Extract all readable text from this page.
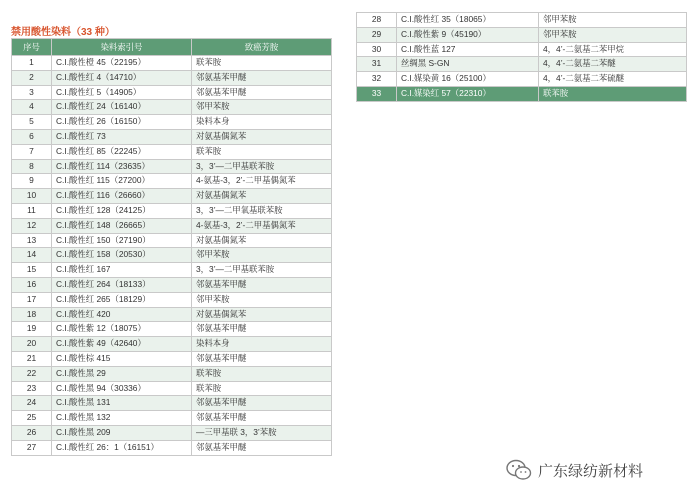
禁用酸性染料（33 种）
序号	染料索引号	致癌芳胺
1	C.I.酸性橙 45（22195）	联苯胺
2	C.I.酸性红 4（14710）	邻氨基苯甲醚
3	C.I.酸性红 5（14905）	邻氨基苯甲醚
4	C.I.酸性红 24（16140）	邻甲苯胺
5	C.I.酸性红 26（16150）	染料本身
6	C.I.酸性红 73	对氨基偶氮苯
7	C.I.酸性红 85（22245）	联苯胺
8	C.I.酸性红 114（23635）	3，3’—二甲基联苯胺
9	C.I.酸性红 115（27200）	4-氨基-3，2’-二甲基偶氮苯
10	C.I.酸性红 116（26660）	对氨基偶氮苯
11	C.I.酸性红 128（24125）	3，3’—二甲氧基联苯胺
12	C.I.酸性红 148（26665）	4-氨基-3，2’-二甲基偶氮苯
13	C.I.酸性红 150（27190）	对氨基偶氮苯
14	C.I.酸性红 158（20530）	邻甲苯胺
15	C.I.酸性红 167	3，3’—二甲基联苯胺
16	C.I.酸性红 264（18133）	邻氨基苯甲醚
17	C.I.酸性红 265（18129）	邻甲苯胺
18	C.I.酸性红 420	对氨基偶氮苯
19	C.I.酸性紫 12（18075）	邻氨基苯甲醚
20	C.I.酸性紫 49（42640）	染料本身
21	C.I.酸性棕 415	邻氨基苯甲醚
22	C.I.酸性黑 29	联苯胺
23	C.I.酸性黑 94（30336）	联苯胺
24	C.I.酸性黑 131	邻氨基苯甲醚
25	C.I.酸性黑 132	邻氨基苯甲醚
26	C.I.酸性黑 209	—三甲基联 3，3’苯胺
27	C.I.酸性红 26：1（16151）	邻氨基苯甲醚
28	C.I.酸性红 35（18065）	邻甲苯胺
29	C.I.酸性紫 9（45190）	邻甲苯胺
30	C.I.酸性蓝 127	4，4’-二氨基二苯甲烷
31	丝绸黑 S-GN	4，4’-二氨基二苯醚
32	C.I.媒染黄 16（25100）	4，4’-二氨基二苯硫醚
33	C.I.媒染红 57（22310）	联苯胺
广东绿纺新材料
